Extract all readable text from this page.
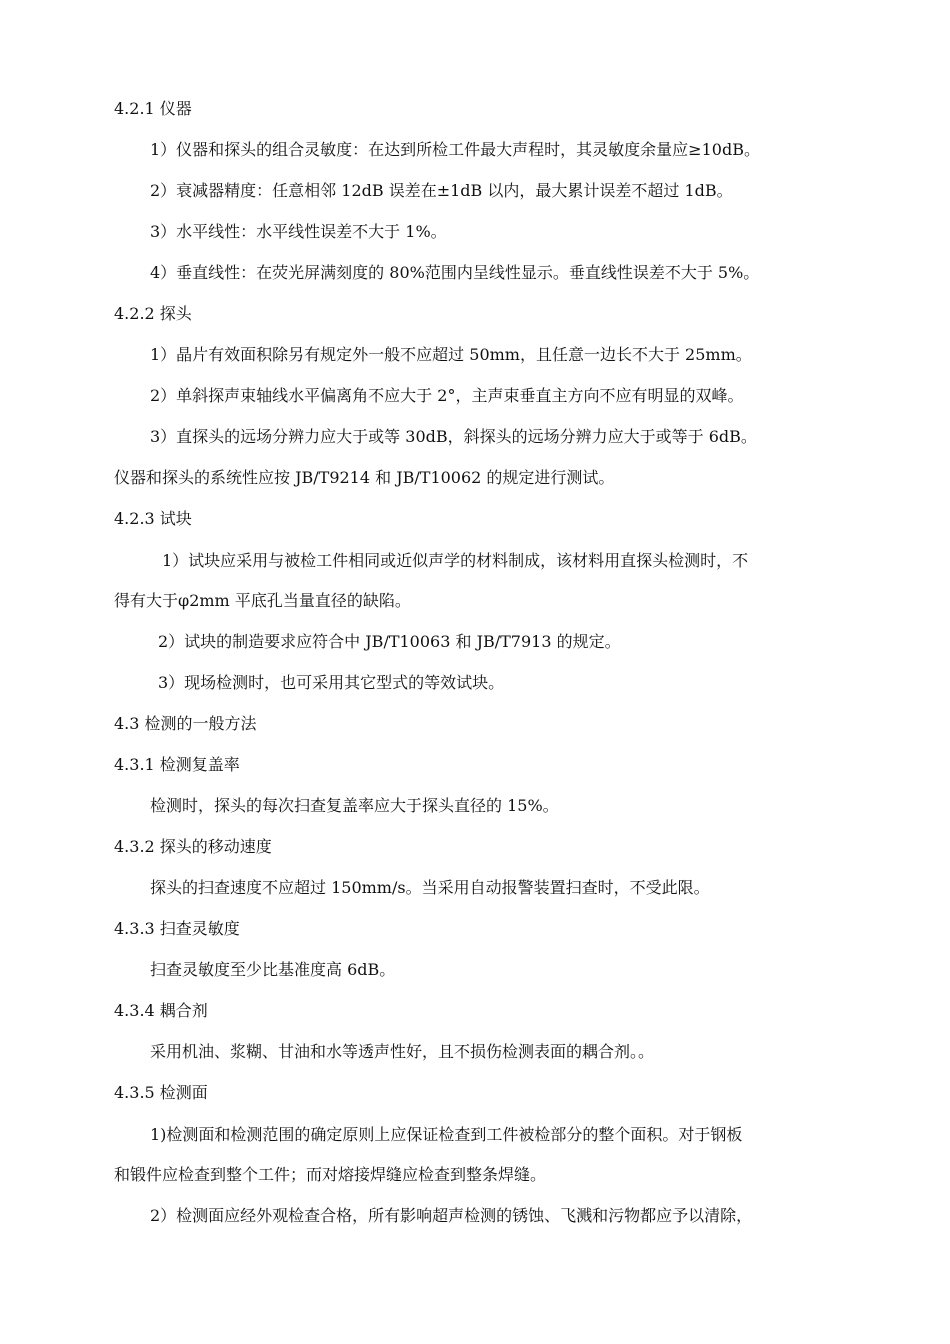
4.2.1 仪器
1）仪器和探头的组合灵敏度：在达到所检工件最大声程时，其灵敏度余量应≥10dB。
2）衰减器精度：任意相邻 12dB 误差在±1dB 以内，最大累计误差不超过 1dB。
3）水平线性：水平线性误差不大于 1%。
4）垂直线性：在荧光屏满刻度的 80%范围内呈线性显示。垂直线性误差不大于 5%。
4.2.2 探头
1）晶片有效面积除另有规定外一般不应超过 50mm，且任意一边长不大于 25mm。
2）单斜探声束轴线水平偏离角不应大于 2°，主声束垂直主方向不应有明显的双峰。
3）直探头的远场分辨力应大于或等 30dB，斜探头的远场分辨力应大于或等于 6dB。
仪器和探头的系统性应按 JB/T9214 和 JB/T10062 的规定进行测试。
4.2.3 试块
1）试块应采用与被检工件相同或近似声学的材料制成，该材料用直探头检测时，不
得有大于φ2mm 平底孔当量直径的缺陷。
2）试块的制造要求应符合中 JB/T10063 和 JB/T7913 的规定。
3）现场检测时，也可采用其它型式的等效试块。
4.3 检测的一般方法
4.3.1 检测复盖率
检测时，探头的每次扫查复盖率应大于探头直径的 15%。
4.3.2 探头的移动速度
探头的扫查速度不应超过 150mm/s。当采用自动报警装置扫查时，不受此限。
4.3.3 扫查灵敏度
扫查灵敏度至少比基准度高 6dB。
4.3.4 耦合剂
采用机油、浆糊、甘油和水等透声性好，且不损伤检测表面的耦合剂。。
4.3.5 检测面
1)检测面和检测范围的确定原则上应保证检查到工件被检部分的整个面积。对于钢板
和锻件应检查到整个工件；而对熔接焊缝应检查到整条焊缝。
2）检测面应经外观检查合格，所有影响超声检测的锈蚀、飞溅和污物都应予以清除，
